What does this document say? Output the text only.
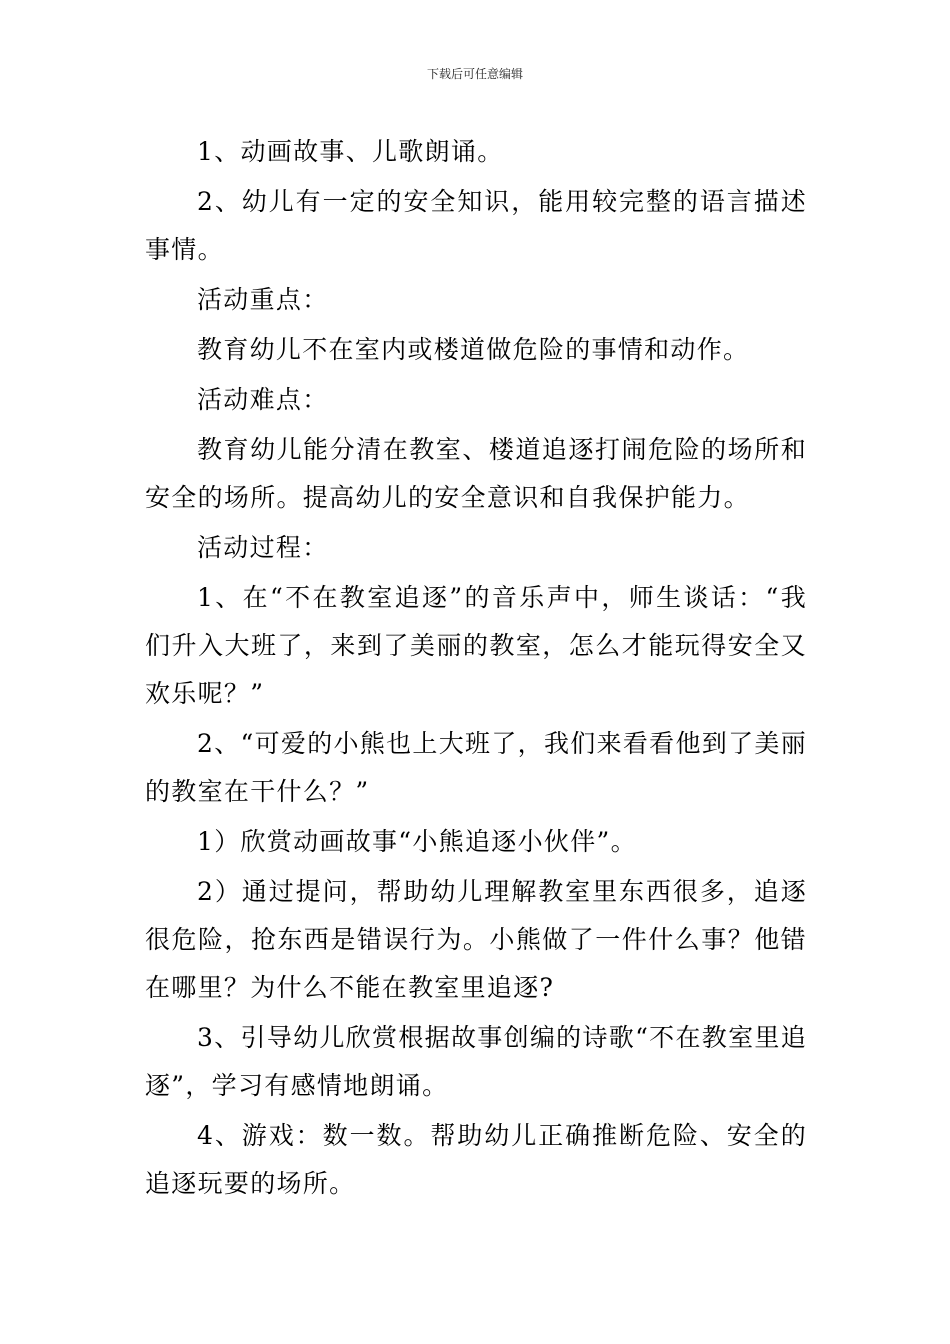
下载后可任意编辑

1、动画故事、儿歌朗诵。

2、幼儿有一定的安全知识，能用较完整的语言描述事情。

活动重点：

教育幼儿不在室内或楼道做危险的事情和动作。

活动难点：

教育幼儿能分清在教室、楼道追逐打闹危险的场所和安全的场所。提高幼儿的安全意识和自我保护能力。

活动过程：

1、在“不在教室追逐”的音乐声中，师生谈话：“我们升入大班了，来到了美丽的教室，怎么才能玩得安全又欢乐呢？”

2、“可爱的小熊也上大班了，我们来看看他到了美丽的教室在干什么？”

1）欣赏动画故事“小熊追逐小伙伴”。

2）通过提问，帮助幼儿理解教室里东西很多，追逐很危险，抢东西是错误行为。小熊做了一件什么事？他错在哪里？为什么不能在教室里追逐?

3、引导幼儿欣赏根据故事创编的诗歌“不在教室里追逐”，学习有感情地朗诵。

4、游戏：数一数。帮助幼儿正确推断危险、安全的追逐玩要的场所。
